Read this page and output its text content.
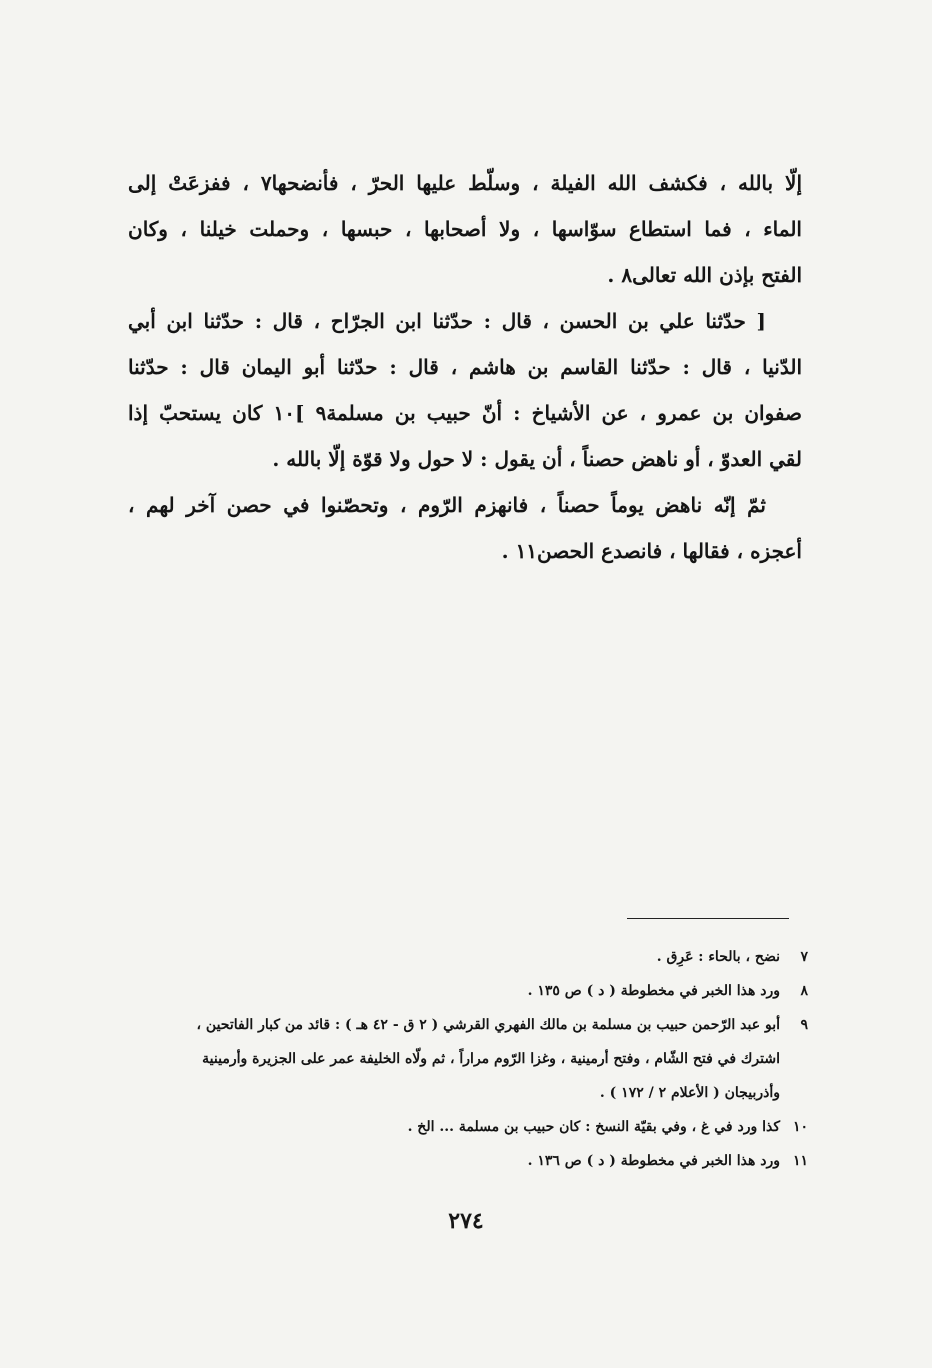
إلّا بالله ، فكشف الله الفيلة ، وسلّط عليها الحرّ ، فأنضحها٧ ، ففزعَتْ إلى
الماء ، فما استطاع سوّاسها ، ولا أصحابها ، حبسها ، وحملت خيلنا ، وكان
الفتح بإذن الله تعالى٨ .
[ حدّثنا علي بن الحسن ، قال : حدّثنا ابن الجرّاح ، قال : حدّثنا ابن أبي
الدّنيا ، قال : حدّثنا القاسم بن هاشم ، قال : حدّثنا أبو اليمان قال : حدّثنا
صفوان بن عمرو ، عن الأشياخ : أنّ حبيب بن مسلمة٩ ]١٠ كان يستحبّ إذا
لقي العدوّ ، أو ناهض حصناً ، أن يقول : لا حول ولا قوّة إلّا بالله .
ثمّ إنّه ناهض يوماً حصناً ، فانهزم الرّوم ، وتحصّنوا في حصن آخر لهم ،
أعجزه ، فقالها ، فانصدع الحصن١١ .
٧
نضح ، بالحاء : عَرِق .
٨
ورد هذا الخبر في مخطوطة ( د ) ص ١٣٥ .
٩
أبو عبد الرّحمن حبيب بن مسلمة بن مالك الفهري القرشي ( ٢ ق - ٤٢ هـ ) : قائد من كبار الفاتحين ،
اشترك في فتح الشّام ، وفتح أرمينية ، وغزا الرّوم مراراً ، ثم ولّاه الخليفة عمر على الجزيرة وأرمينية
وأذربيجان ( الأعلام ٢ / ١٧٢ ) .
١٠
كذا ورد في غ ، وفي بقيّة النسخ : كان حبيب بن مسلمة ... الخ .
١١
ورد هذا الخبر في مخطوطة ( د ) ص ١٣٦ .
٢٧٤
